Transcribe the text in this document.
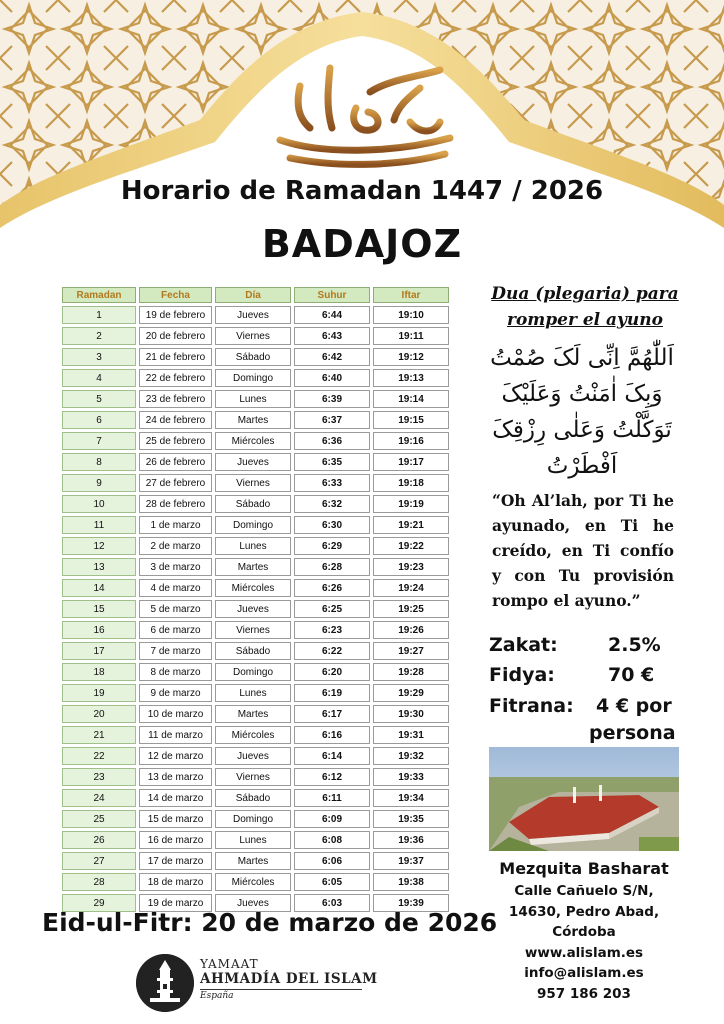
رمضان كريم
Horario de Ramadan 1447 / 2026
BADAJOZ
Ramadan	Fecha	Día	Suhur	Iftar
1	19 de febrero	Jueves	6:44	19:10
2	20 de febrero	Viernes	6:43	19:11
3	21 de febrero	Sábado	6:42	19:12
4	22 de febrero	Domingo	6:40	19:13
5	23 de febrero	Lunes	6:39	19:14
6	24 de febrero	Martes	6:37	19:15
7	25 de febrero	Miércoles	6:36	19:16
8	26 de febrero	Jueves	6:35	19:17
9	27 de febrero	Viernes	6:33	19:18
10	28 de febrero	Sábado	6:32	19:19
11	1 de marzo	Domingo	6:30	19:21
12	2 de marzo	Lunes	6:29	19:22
13	3 de marzo	Martes	6:28	19:23
14	4 de marzo	Miércoles	6:26	19:24
15	5 de marzo	Jueves	6:25	19:25
16	6 de marzo	Viernes	6:23	19:26
17	7 de marzo	Sábado	6:22	19:27
18	8 de marzo	Domingo	6:20	19:28
19	9 de marzo	Lunes	6:19	19:29
20	10 de marzo	Martes	6:17	19:30
21	11 de marzo	Miércoles	6:16	19:31
22	12 de marzo	Jueves	6:14	19:32
23	13 de marzo	Viernes	6:12	19:33
24	14 de marzo	Sábado	6:11	19:34
25	15 de marzo	Domingo	6:09	19:35
26	16 de marzo	Lunes	6:08	19:36
27	17 de marzo	Martes	6:06	19:37
28	18 de marzo	Miércoles	6:05	19:38
29	19 de marzo	Jueves	6:03	19:39
Eid-ul-Fitr: 20 de marzo de 2026
YAMAAT
AHMADÍA DEL ISLAM
España
Dua (plegaria) para
romper el ayuno
اَللّٰھُمَّ اِنِّی لَکَ صُمْتُ
وَبِکَ اٰمَنْتُ وَعَلَیْکَ
تَوَکَّلْتُ وَعَلٰی رِزْقِکَ
اَفْطَرْتُ
“Oh Al’lah, por Ti he ayunado, en Ti he creído, en Ti confío y con Tu provisión rompo el ayuno.”
Zakat:	2.5%
Fidya:	70 €
Fitrana: 4 € por
persona
Mezquita Basharat
Calle Cañuelo S/N,
14630, Pedro Abad,
Córdoba
www.alislam.es
info@alislam.es
957 186 203
